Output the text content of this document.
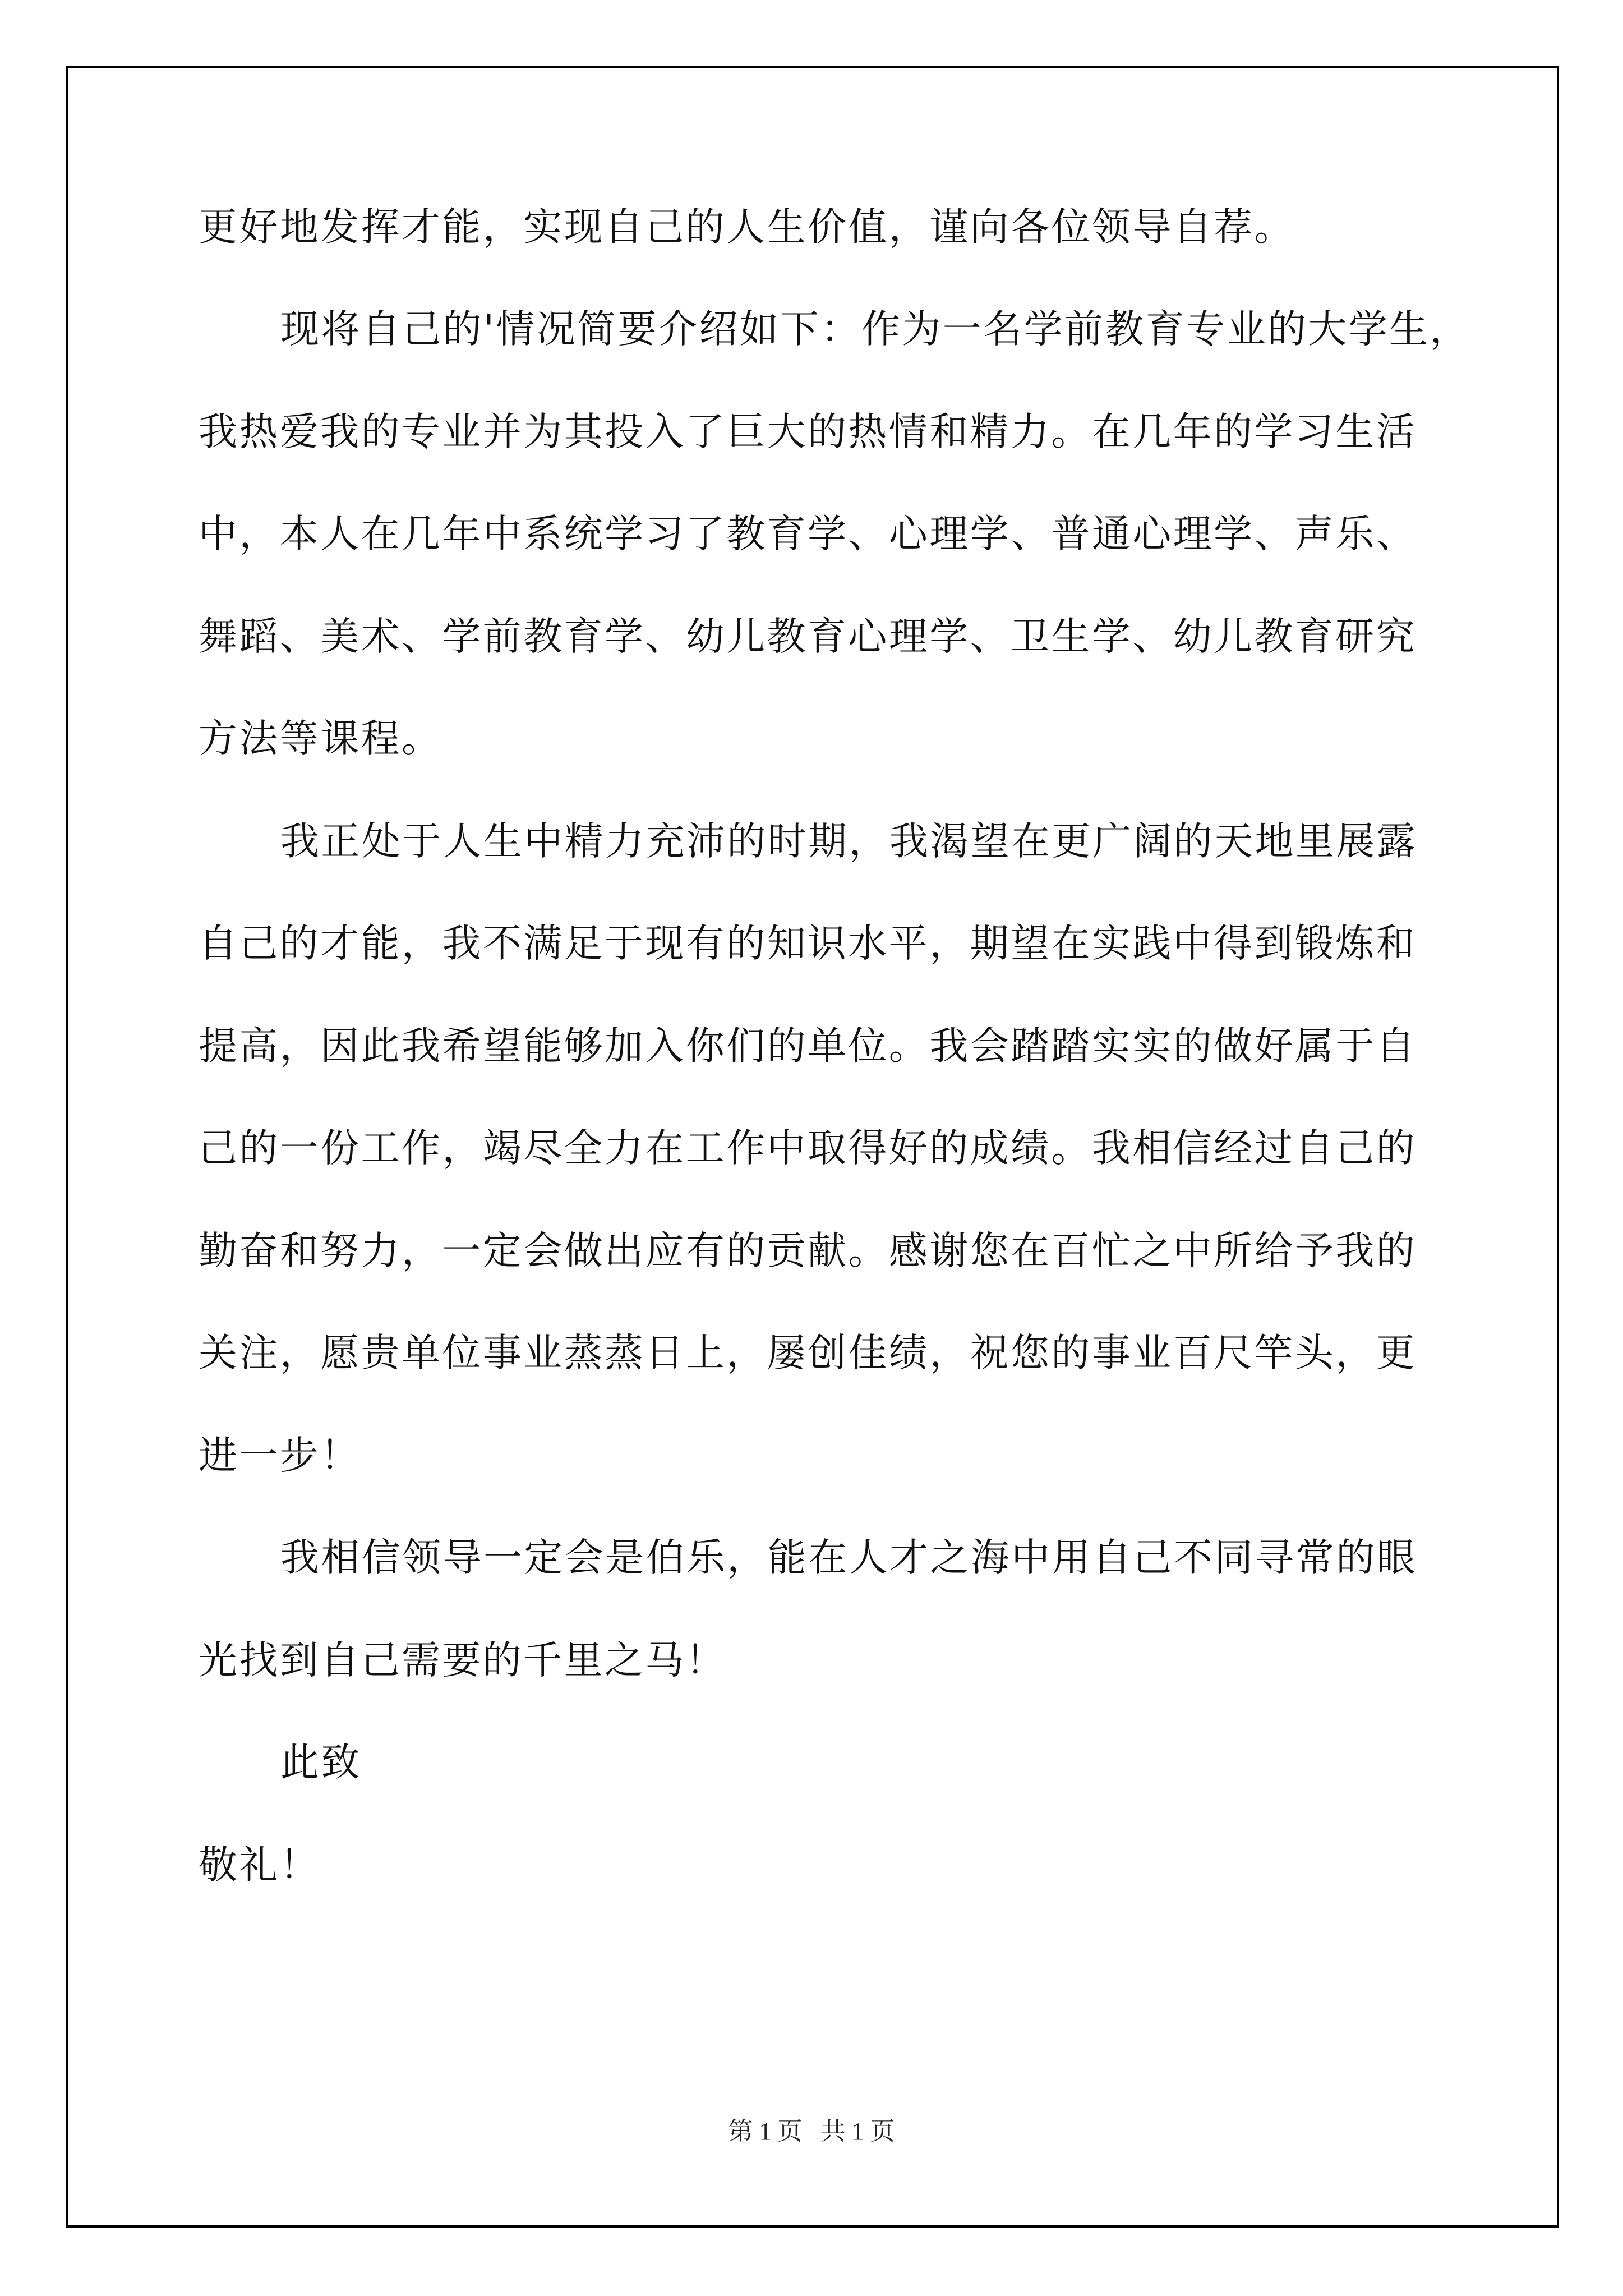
更好地发挥才能，实现自己的人生价值，谨向各位领导自荐。
现将自己的'情况简要介绍如下：作为一名学前教育专业的大学生，
我热爱我的专业并为其投入了巨大的热情和精力。在几年的学习生活
中，本人在几年中系统学习了教育学、心理学、普通心理学、声乐、
舞蹈、美术、学前教育学、幼儿教育心理学、卫生学、幼儿教育研究
方法等课程。
我正处于人生中精力充沛的时期，我渴望在更广阔的天地里展露
自己的才能，我不满足于现有的知识水平，期望在实践中得到锻炼和
提高，因此我希望能够加入你们的单位。我会踏踏实实的做好属于自
己的一份工作，竭尽全力在工作中取得好的成绩。我相信经过自己的
勤奋和努力，一定会做出应有的贡献。感谢您在百忙之中所给予我的
关注，愿贵单位事业蒸蒸日上，屡创佳绩，祝您的事业百尺竿头，更
进一步！
我相信领导一定会是伯乐，能在人才之海中用自己不同寻常的眼
光找到自己需要的千里之马！
此致
敬礼！
第 1 页   共 1 页
